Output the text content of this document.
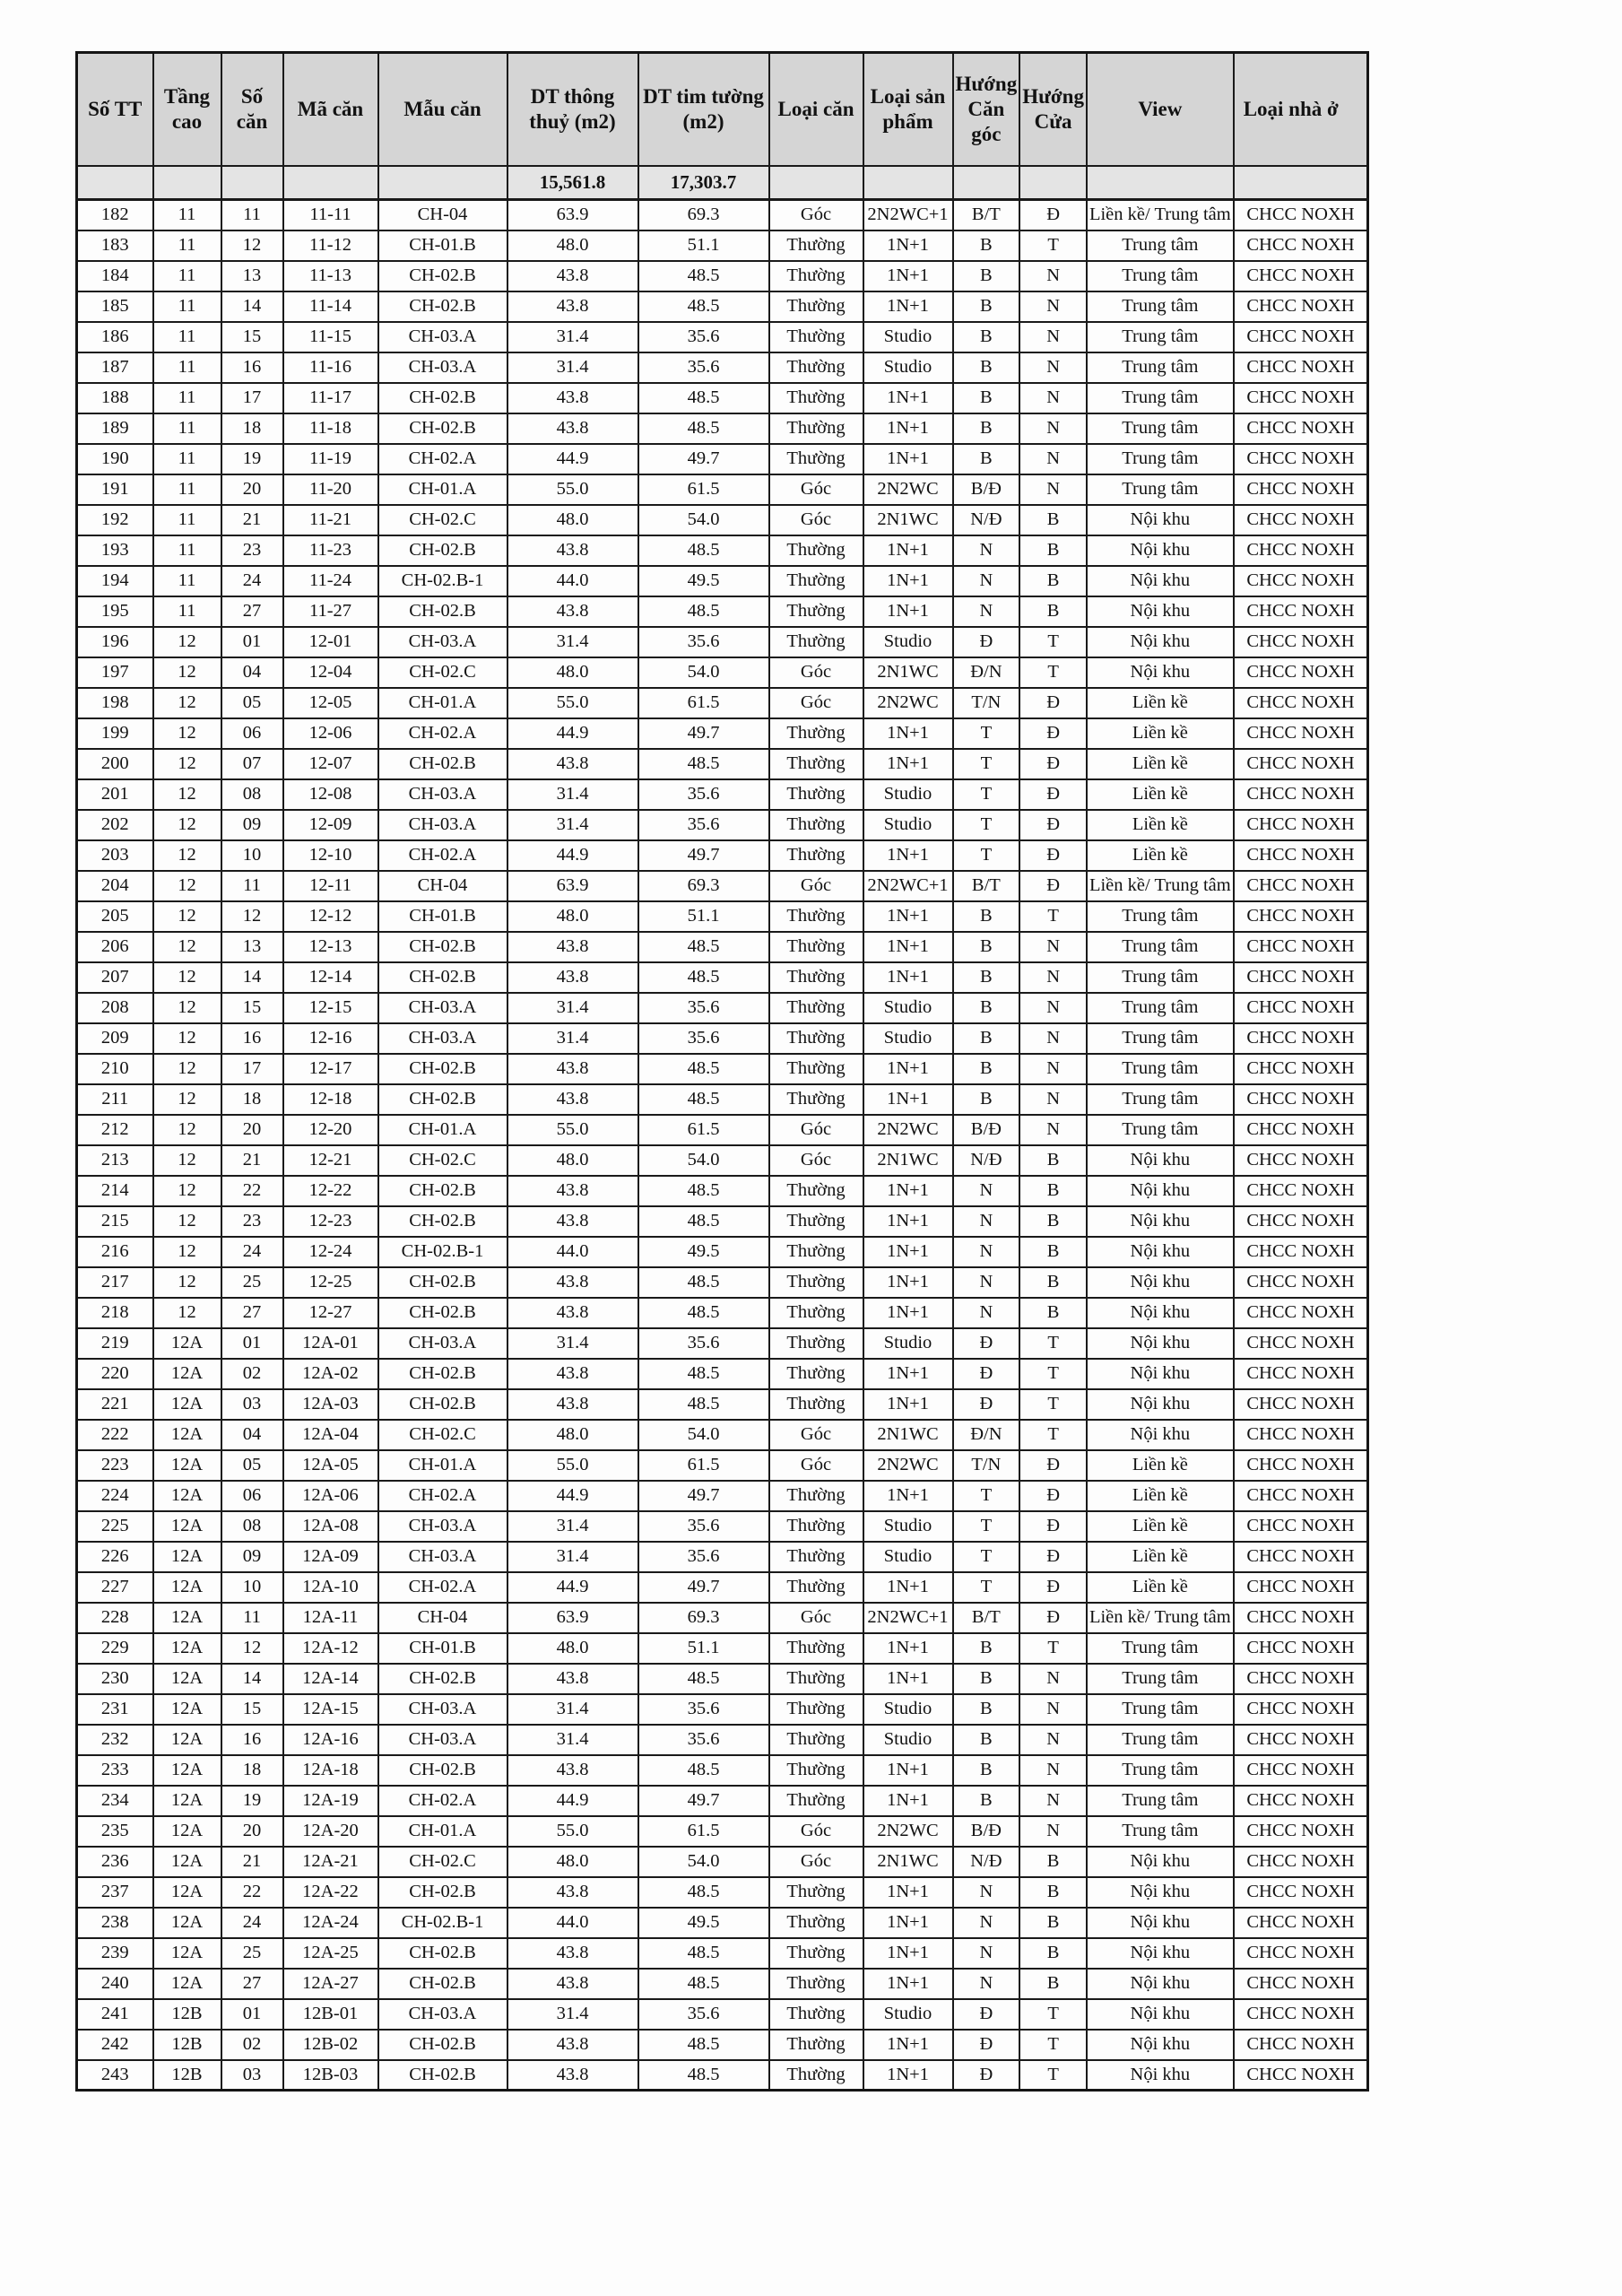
Số TT	Tầng cao	Số căn	Mã căn	Mẫu căn	DT thông thuỷ (m2)	DT tim tường (m2)	Loại căn	Loại sản phẩm	Hướng Căn góc	Hướng Cửa	View	Loại nhà ở
					15,561.8	17,303.7						
182	11	11	11-11	CH-04	63.9	69.3	Góc	2N2WC+1	B/T	Đ	Liền kề/ Trung tâm	CHCC NOXH
183	11	12	11-12	CH-01.B	48.0	51.1	Thường	1N+1	B	T	Trung tâm	CHCC NOXH
184	11	13	11-13	CH-02.B	43.8	48.5	Thường	1N+1	B	N	Trung tâm	CHCC NOXH
185	11	14	11-14	CH-02.B	43.8	48.5	Thường	1N+1	B	N	Trung tâm	CHCC NOXH
186	11	15	11-15	CH-03.A	31.4	35.6	Thường	Studio	B	N	Trung tâm	CHCC NOXH
187	11	16	11-16	CH-03.A	31.4	35.6	Thường	Studio	B	N	Trung tâm	CHCC NOXH
188	11	17	11-17	CH-02.B	43.8	48.5	Thường	1N+1	B	N	Trung tâm	CHCC NOXH
189	11	18	11-18	CH-02.B	43.8	48.5	Thường	1N+1	B	N	Trung tâm	CHCC NOXH
190	11	19	11-19	CH-02.A	44.9	49.7	Thường	1N+1	B	N	Trung tâm	CHCC NOXH
191	11	20	11-20	CH-01.A	55.0	61.5	Góc	2N2WC	B/Đ	N	Trung tâm	CHCC NOXH
192	11	21	11-21	CH-02.C	48.0	54.0	Góc	2N1WC	N/Đ	B	Nội khu	CHCC NOXH
193	11	23	11-23	CH-02.B	43.8	48.5	Thường	1N+1	N	B	Nội khu	CHCC NOXH
194	11	24	11-24	CH-02.B-1	44.0	49.5	Thường	1N+1	N	B	Nội khu	CHCC NOXH
195	11	27	11-27	CH-02.B	43.8	48.5	Thường	1N+1	N	B	Nội khu	CHCC NOXH
196	12	01	12-01	CH-03.A	31.4	35.6	Thường	Studio	Đ	T	Nội khu	CHCC NOXH
197	12	04	12-04	CH-02.C	48.0	54.0	Góc	2N1WC	Đ/N	T	Nội khu	CHCC NOXH
198	12	05	12-05	CH-01.A	55.0	61.5	Góc	2N2WC	T/N	Đ	Liền kề	CHCC NOXH
199	12	06	12-06	CH-02.A	44.9	49.7	Thường	1N+1	T	Đ	Liền kề	CHCC NOXH
200	12	07	12-07	CH-02.B	43.8	48.5	Thường	1N+1	T	Đ	Liền kề	CHCC NOXH
201	12	08	12-08	CH-03.A	31.4	35.6	Thường	Studio	T	Đ	Liền kề	CHCC NOXH
202	12	09	12-09	CH-03.A	31.4	35.6	Thường	Studio	T	Đ	Liền kề	CHCC NOXH
203	12	10	12-10	CH-02.A	44.9	49.7	Thường	1N+1	T	Đ	Liền kề	CHCC NOXH
204	12	11	12-11	CH-04	63.9	69.3	Góc	2N2WC+1	B/T	Đ	Liền kề/ Trung tâm	CHCC NOXH
205	12	12	12-12	CH-01.B	48.0	51.1	Thường	1N+1	B	T	Trung tâm	CHCC NOXH
206	12	13	12-13	CH-02.B	43.8	48.5	Thường	1N+1	B	N	Trung tâm	CHCC NOXH
207	12	14	12-14	CH-02.B	43.8	48.5	Thường	1N+1	B	N	Trung tâm	CHCC NOXH
208	12	15	12-15	CH-03.A	31.4	35.6	Thường	Studio	B	N	Trung tâm	CHCC NOXH
209	12	16	12-16	CH-03.A	31.4	35.6	Thường	Studio	B	N	Trung tâm	CHCC NOXH
210	12	17	12-17	CH-02.B	43.8	48.5	Thường	1N+1	B	N	Trung tâm	CHCC NOXH
211	12	18	12-18	CH-02.B	43.8	48.5	Thường	1N+1	B	N	Trung tâm	CHCC NOXH
212	12	20	12-20	CH-01.A	55.0	61.5	Góc	2N2WC	B/Đ	N	Trung tâm	CHCC NOXH
213	12	21	12-21	CH-02.C	48.0	54.0	Góc	2N1WC	N/Đ	B	Nội khu	CHCC NOXH
214	12	22	12-22	CH-02.B	43.8	48.5	Thường	1N+1	N	B	Nội khu	CHCC NOXH
215	12	23	12-23	CH-02.B	43.8	48.5	Thường	1N+1	N	B	Nội khu	CHCC NOXH
216	12	24	12-24	CH-02.B-1	44.0	49.5	Thường	1N+1	N	B	Nội khu	CHCC NOXH
217	12	25	12-25	CH-02.B	43.8	48.5	Thường	1N+1	N	B	Nội khu	CHCC NOXH
218	12	27	12-27	CH-02.B	43.8	48.5	Thường	1N+1	N	B	Nội khu	CHCC NOXH
219	12A	01	12A-01	CH-03.A	31.4	35.6	Thường	Studio	Đ	T	Nội khu	CHCC NOXH
220	12A	02	12A-02	CH-02.B	43.8	48.5	Thường	1N+1	Đ	T	Nội khu	CHCC NOXH
221	12A	03	12A-03	CH-02.B	43.8	48.5	Thường	1N+1	Đ	T	Nội khu	CHCC NOXH
222	12A	04	12A-04	CH-02.C	48.0	54.0	Góc	2N1WC	Đ/N	T	Nội khu	CHCC NOXH
223	12A	05	12A-05	CH-01.A	55.0	61.5	Góc	2N2WC	T/N	Đ	Liền kề	CHCC NOXH
224	12A	06	12A-06	CH-02.A	44.9	49.7	Thường	1N+1	T	Đ	Liền kề	CHCC NOXH
225	12A	08	12A-08	CH-03.A	31.4	35.6	Thường	Studio	T	Đ	Liền kề	CHCC NOXH
226	12A	09	12A-09	CH-03.A	31.4	35.6	Thường	Studio	T	Đ	Liền kề	CHCC NOXH
227	12A	10	12A-10	CH-02.A	44.9	49.7	Thường	1N+1	T	Đ	Liền kề	CHCC NOXH
228	12A	11	12A-11	CH-04	63.9	69.3	Góc	2N2WC+1	B/T	Đ	Liền kề/ Trung tâm	CHCC NOXH
229	12A	12	12A-12	CH-01.B	48.0	51.1	Thường	1N+1	B	T	Trung tâm	CHCC NOXH
230	12A	14	12A-14	CH-02.B	43.8	48.5	Thường	1N+1	B	N	Trung tâm	CHCC NOXH
231	12A	15	12A-15	CH-03.A	31.4	35.6	Thường	Studio	B	N	Trung tâm	CHCC NOXH
232	12A	16	12A-16	CH-03.A	31.4	35.6	Thường	Studio	B	N	Trung tâm	CHCC NOXH
233	12A	18	12A-18	CH-02.B	43.8	48.5	Thường	1N+1	B	N	Trung tâm	CHCC NOXH
234	12A	19	12A-19	CH-02.A	44.9	49.7	Thường	1N+1	B	N	Trung tâm	CHCC NOXH
235	12A	20	12A-20	CH-01.A	55.0	61.5	Góc	2N2WC	B/Đ	N	Trung tâm	CHCC NOXH
236	12A	21	12A-21	CH-02.C	48.0	54.0	Góc	2N1WC	N/Đ	B	Nội khu	CHCC NOXH
237	12A	22	12A-22	CH-02.B	43.8	48.5	Thường	1N+1	N	B	Nội khu	CHCC NOXH
238	12A	24	12A-24	CH-02.B-1	44.0	49.5	Thường	1N+1	N	B	Nội khu	CHCC NOXH
239	12A	25	12A-25	CH-02.B	43.8	48.5	Thường	1N+1	N	B	Nội khu	CHCC NOXH
240	12A	27	12A-27	CH-02.B	43.8	48.5	Thường	1N+1	N	B	Nội khu	CHCC NOXH
241	12B	01	12B-01	CH-03.A	31.4	35.6	Thường	Studio	Đ	T	Nội khu	CHCC NOXH
242	12B	02	12B-02	CH-02.B	43.8	48.5	Thường	1N+1	Đ	T	Nội khu	CHCC NOXH
243	12B	03	12B-03	CH-02.B	43.8	48.5	Thường	1N+1	Đ	T	Nội khu	CHCC NOXH
